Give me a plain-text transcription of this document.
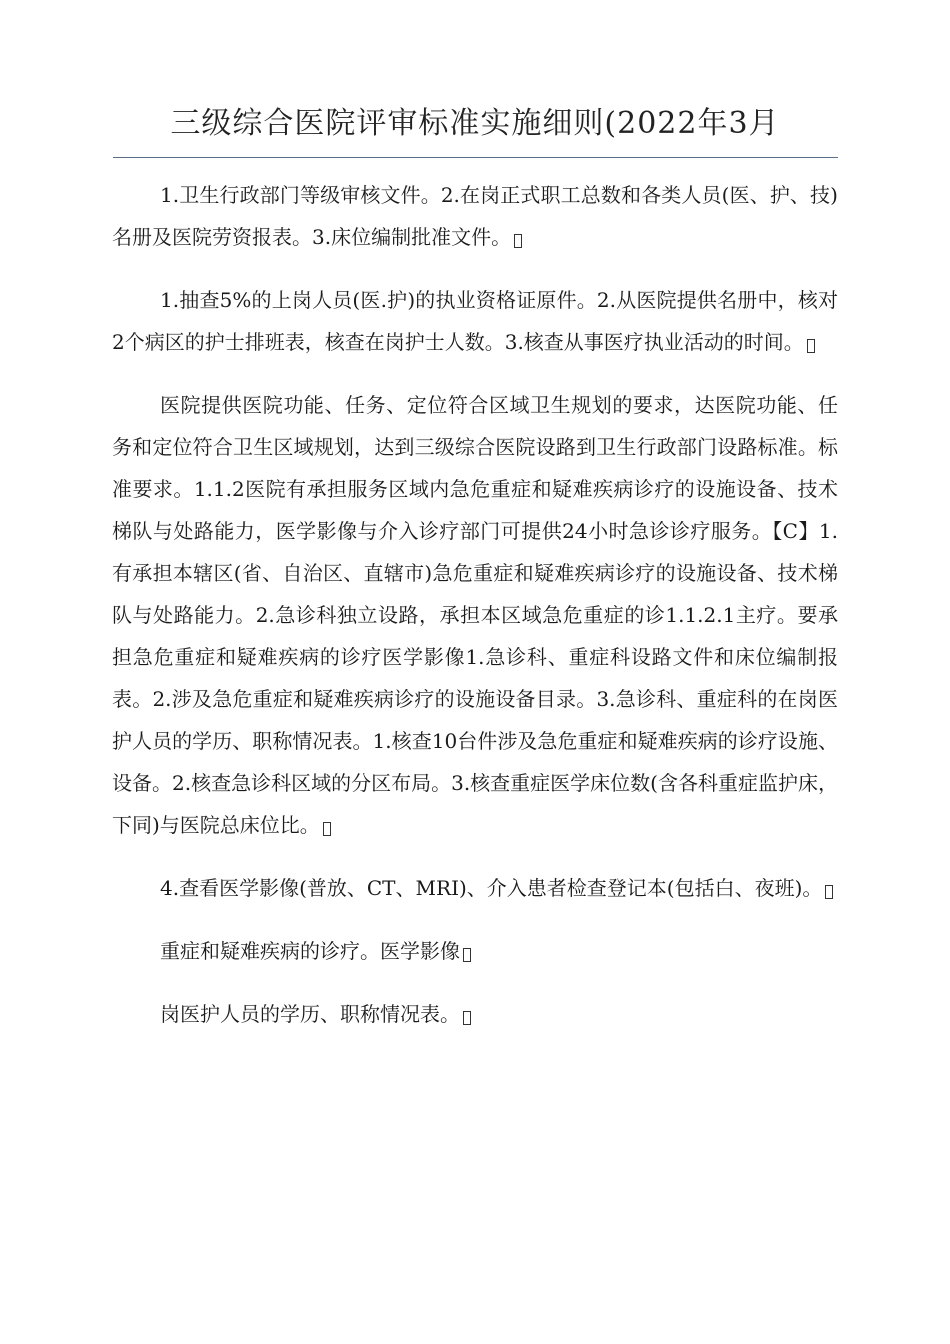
三级综合医院评审标准实施细则(2022年3月

1.卫生行政部门等级审核文件。2.在岗正式职工总数和各类人员(医、护、技)名册及医院劳资报表。3.床位编制批准文件。

1.抽查5%的上岗人员(医.护)的执业资格证原件。2.从医院提供名册中，核对2个病区的护士排班表，核查在岗护士人数。3.核查从事医疗执业活动的时间。

医院提供医院功能、任务、定位符合区域卫生规划的要求，达医院功能、任务和定位符合卫生区域规划，达到三级综合医院设路到卫生行政部门设路标准。标准要求。1.1.2医院有承担服务区域内急危重症和疑难疾病诊疗的设施设备、技术梯队与处路能力，医学影像与介入诊疗部门可提供24小时急诊诊疗服务。【C】1.有承担本辖区(省、自治区、直辖市)急危重症和疑难疾病诊疗的设施设备、技术梯队与处路能力。2.急诊科独立设路，承担本区域急危重症的诊1.1.2.1主疗。要承担急危重症和疑难疾病的诊疗医学影像1.急诊科、重症科设路文件和床位编制报表。2.涉及急危重症和疑难疾病诊疗的设施设备目录。3.急诊科、重症科的在岗医护人员的学历、职称情况表。1.核查10台件涉及急危重症和疑难疾病的诊疗设施、设备。2.核查急诊科区域的分区布局。3.核查重症医学床位数(含各科重症监护床，下同)与医院总床位比。

4.查看医学影像(普放、CT、MRI)、介入患者检查登记本(包括白、夜班)。

重症和疑难疾病的诊疗。医学影像

岗医护人员的学历、职称情况表。
